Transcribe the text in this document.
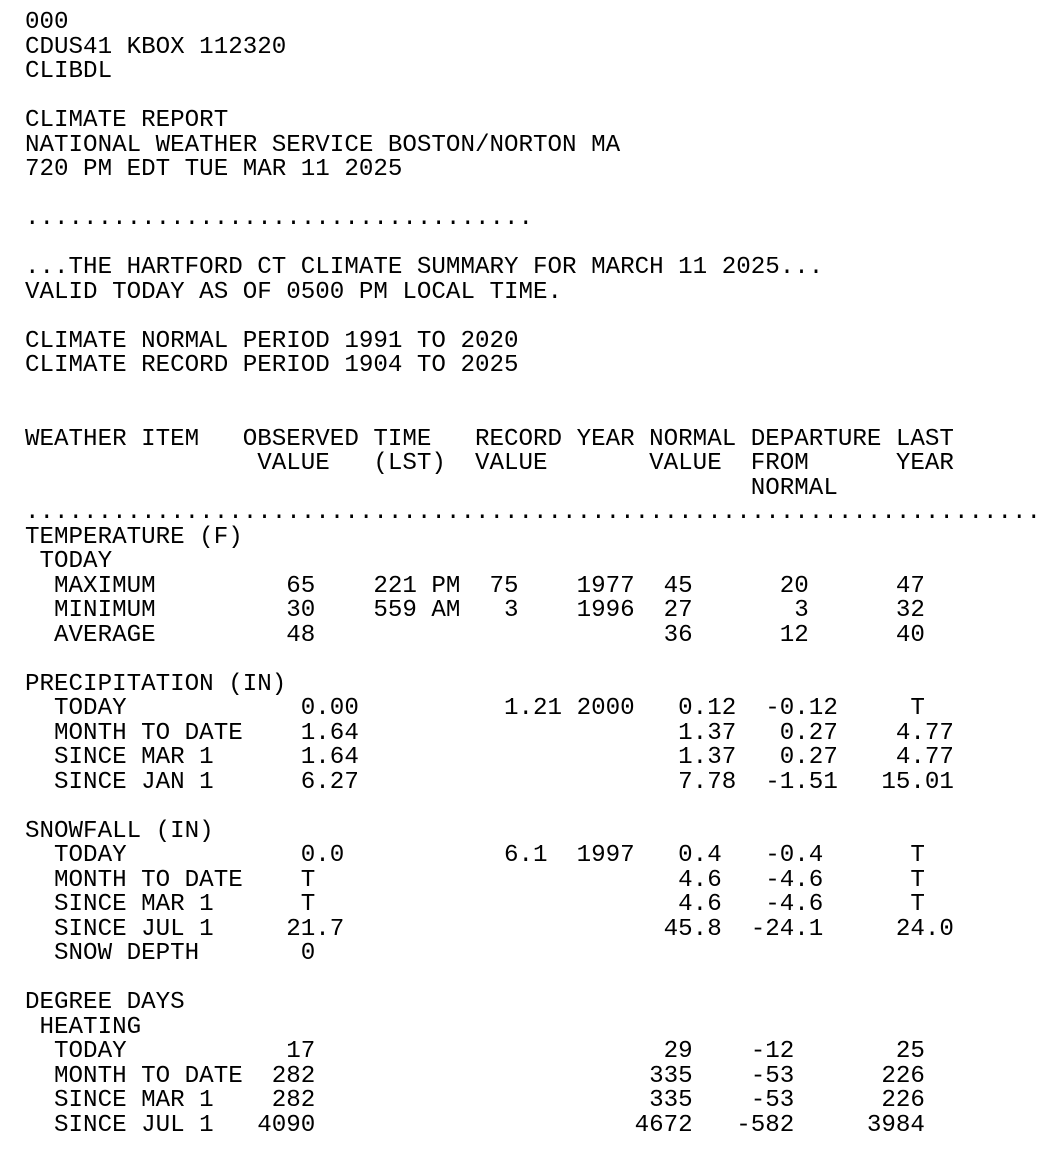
000
CDUS41 KBOX 112320
CLIBDL
CLIMATE REPORT
NATIONAL WEATHER SERVICE BOSTON/NORTON MA
720 PM EDT TUE MAR 11 2025
...................................
...THE HARTFORD CT CLIMATE SUMMARY FOR MARCH 11 2025...
VALID TODAY AS OF 0500 PM LOCAL TIME.
CLIMATE NORMAL PERIOD 1991 TO 2020
CLIMATE RECORD PERIOD 1904 TO 2025
WEATHER ITEM   OBSERVED TIME   RECORD YEAR NORMAL DEPARTURE LAST
VALUE   (LST)  VALUE       VALUE  FROM      YEAR
NORMAL
......................................................................
TEMPERATURE (F)
TODAY
MAXIMUM         65    221 PM  75    1977  45      20      47
MINIMUM         30    559 AM   3    1996  27       3      32
AVERAGE         48                        36      12      40
PRECIPITATION (IN)
TODAY            0.00          1.21 2000   0.12  -0.12     T
MONTH TO DATE    1.64                      1.37   0.27    4.77
SINCE MAR 1      1.64                      1.37   0.27    4.77
SINCE JAN 1      6.27                      7.78  -1.51   15.01
SNOWFALL (IN)
TODAY            0.0           6.1  1997   0.4   -0.4      T
MONTH TO DATE    T                         4.6   -4.6      T
SINCE MAR 1      T                         4.6   -4.6      T
SINCE JUL 1     21.7                      45.8  -24.1     24.0
SNOW DEPTH       0
DEGREE DAYS
HEATING
TODAY           17                        29    -12       25
MONTH TO DATE  282                       335    -53      226
SINCE MAR 1    282                       335    -53      226
SINCE JUL 1   4090                      4672   -582     3984
